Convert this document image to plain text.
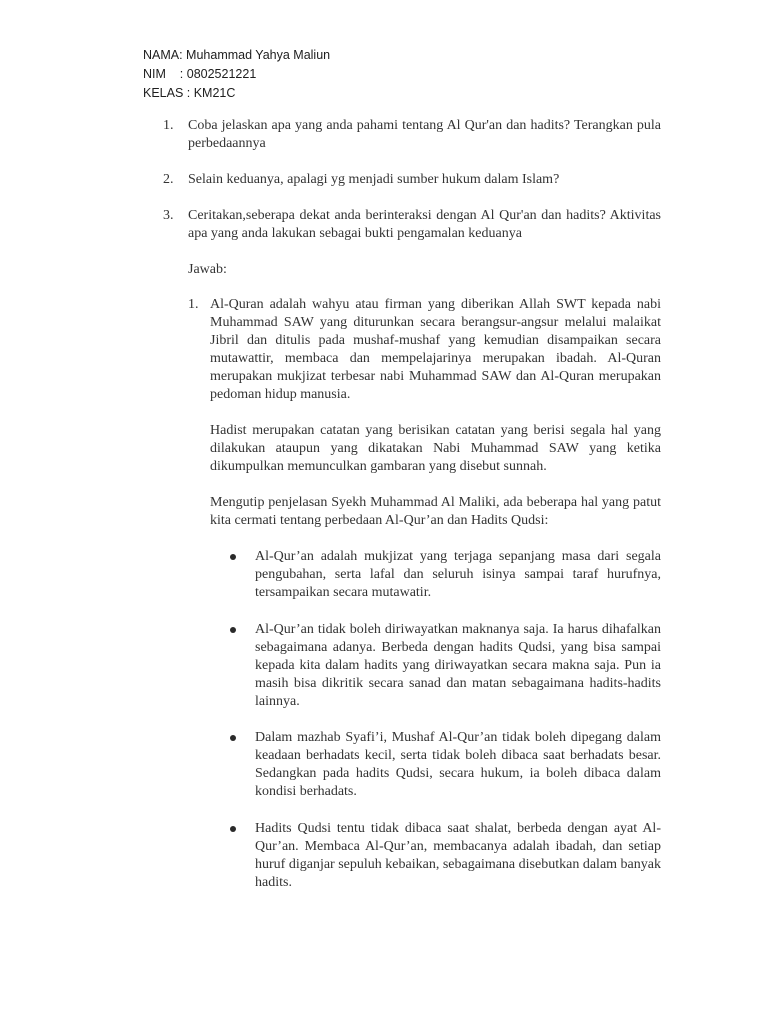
NAMA: Muhammad Yahya Maliun
NIM    : 0802521221
KELAS : KM21C
1. Coba jelaskan apa yang anda pahami tentang Al Qur'an dan hadits? Terangkan pula perbedaannya
2. Selain keduanya, apalagi yg menjadi sumber hukum dalam Islam?
3. Ceritakan,seberapa dekat anda berinteraksi dengan Al Qur'an dan hadits? Aktivitas apa yang anda lakukan sebagai bukti pengamalan keduanya
Jawab:
1. Al-Quran adalah wahyu atau firman yang diberikan Allah SWT kepada nabi Muhammad SAW yang diturunkan secara berangsur-angsur melalui malaikat Jibril dan ditulis pada mushaf-mushaf yang kemudian disampaikan secara mutawattir, membaca dan mempelajarinya merupakan ibadah. Al-Quran merupakan mukjizat terbesar nabi Muhammad SAW dan Al-Quran merupakan pedoman hidup manusia.
Hadist merupakan catatan yang berisikan catatan yang berisi segala hal yang dilakukan ataupun yang dikatakan Nabi Muhammad SAW yang ketika dikumpulkan memunculkan gambaran yang disebut sunnah.
Mengutip penjelasan Syekh Muhammad Al Maliki, ada beberapa hal yang patut kita cermati tentang perbedaan Al-Qur’an dan Hadits Qudsi:
Al-Qur’an adalah mukjizat yang terjaga sepanjang masa dari segala pengubahan, serta lafal dan seluruh isinya sampai taraf hurufnya, tersampaikan secara mutawatir.
Al-Qur’an tidak boleh diriwayatkan maknanya saja. Ia harus dihafalkan sebagaimana adanya. Berbeda dengan hadits Qudsi, yang bisa sampai kepada kita dalam hadits yang diriwayatkan secara makna saja. Pun ia masih bisa dikritik secara sanad dan matan sebagaimana hadits-hadits lainnya.
Dalam mazhab Syafi’i, Mushaf Al-Qur’an tidak boleh dipegang dalam keadaan berhadats kecil, serta tidak boleh dibaca saat berhadats besar. Sedangkan pada hadits Qudsi, secara hukum, ia boleh dibaca dalam kondisi berhadats.
Hadits Qudsi tentu tidak dibaca saat shalat, berbeda dengan ayat Al-Qur’an. Membaca Al-Qur’an, membacanya adalah ibadah, dan setiap huruf diganjar sepuluh kebaikan, sebagaimana disebutkan dalam banyak hadits.
